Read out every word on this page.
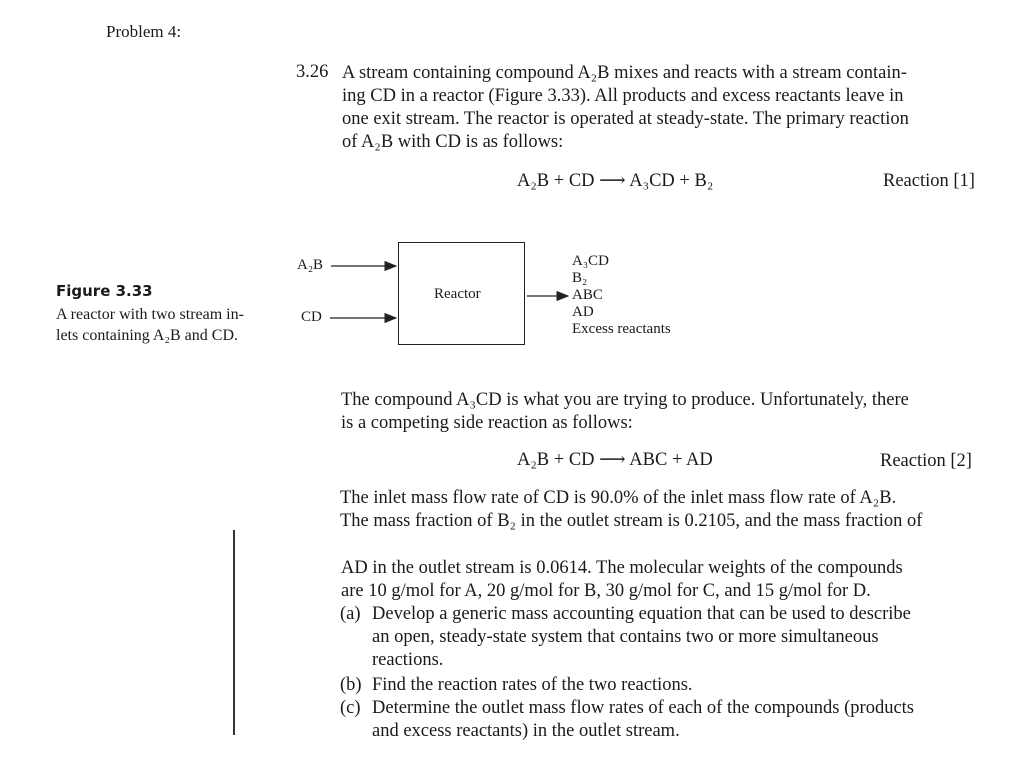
Problem 4:
3.26 A stream containing compound A₂B mixes and reacts with a stream contain-
ing CD in a reactor (Figure 3.33). All products and excess reactants leave in
one exit stream. The reactor is operated at steady-state. The primary reaction
of A₂B with CD is as follows:
A₂B + CD ⟶ A₃CD + B₂	Reaction [1]
Figure 3.33
A reactor with two stream in-
lets containing A₂B and CD.
A₂B
CD
Reactor
A₃CD
B₂
ABC
AD
Excess reactants
The compound A₃CD is what you are trying to produce. Unfortunately, there
is a competing side reaction as follows:
A₂B + CD ⟶ ABC + AD	Reaction [2]
The inlet mass flow rate of CD is 90.0% of the inlet mass flow rate of A₂B.
The mass fraction of B₂ in the outlet stream is 0.2105, and the mass fraction of
AD in the outlet stream is 0.0614. The molecular weights of the compounds
are 10 g/mol for A, 20 g/mol for B, 30 g/mol for C, and 15 g/mol for D.
(a) Develop a generic mass accounting equation that can be used to describe
an open, steady-state system that contains two or more simultaneous
reactions.
(b) Find the reaction rates of the two reactions.
(c) Determine the outlet mass flow rates of each of the compounds (products
and excess reactants) in the outlet stream.
